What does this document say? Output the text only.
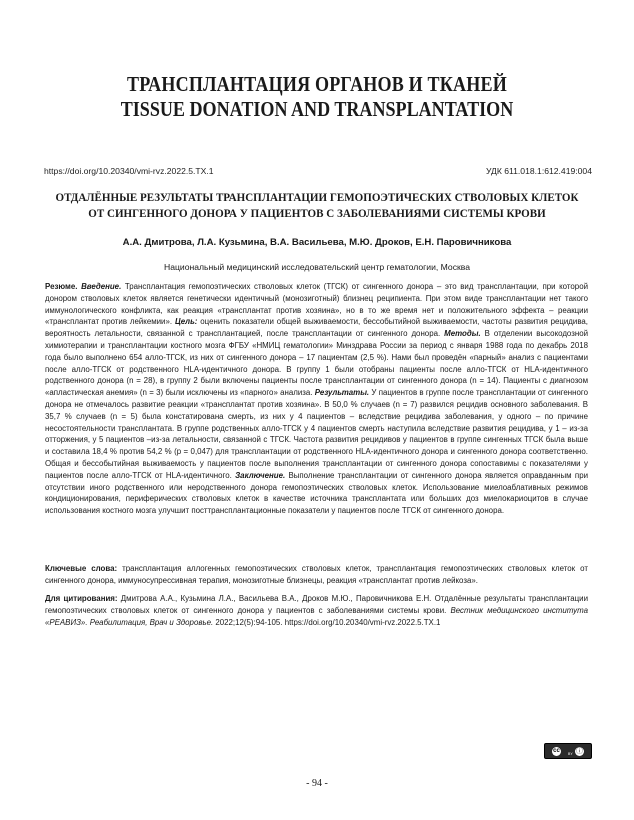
ТРАНСПЛАНТАЦИЯ ОРГАНОВ И ТКАНЕЙ
TISSUE DONATION AND TRANSPLANTATION
https://doi.org/10.20340/vmi-rvz.2022.5.TX.1	УДК 611.018.1:612.419:004
ОТДАЛЁННЫЕ РЕЗУЛЬТАТЫ ТРАНСПЛАНТАЦИИ ГЕМОПОЭТИЧЕСКИХ СТВОЛОВЫХ КЛЕТОК
ОТ СИНГЕННОГО ДОНОРА У ПАЦИЕНТОВ С ЗАБОЛЕВАНИЯМИ СИСТЕМЫ КРОВИ
А.А. Дмитрова, Л.А. Кузьмина, В.А. Васильева, М.Ю. Дроков, Е.Н. Паровичникова
Национальный медицинский исследовательский центр гематологии, Москва

Резюме. Введение. Трансплантация гемопоэтических стволовых клеток (ТГСК) от сингенного донора – это вид трансплантации, при которой донором стволовых клеток является генетически идентичный (монозиготный) близнец реципиента. При этом виде трансплантации нет такого иммунологического конфликта, как реакция «трансплантат против хозяина», но в то же время нет и положительного эффекта – реакции «трансплантат против лейкемии». Цель: оценить показатели общей выживаемости, бессобытийной выживаемости, частоты развития рецидива, вероятность летальности, связанной с трансплантацией, после трансплантации от сингенного донора. Методы. В отделении высокодозной химиотерапии и трансплантации костного мозга ФГБУ «НМИЦ гематологии» Минздрава России за период с января 1988 года по декабрь 2018 года было выполнено 654 алло-ТГСК, из них от сингенного донора – 17 пациентам (2,5 %). Нами был проведён «парный» анализ с пациентами после алло-ТГСК от родственного HLA-идентичного донора. В группу 1 были отобраны пациенты после алло-ТГСК от HLA-идентичного родственного донора (n = 28), в группу 2 были включены пациенты после трансплантации от сингенного донора (n = 14). Пациенты с диагнозом «апластическая анемия» (n = 3) были исключены из «парного» анализа. Результаты. У пациентов в группе после трансплантации от сингенного донора не отмечалось развитие реакции «трансплантат против хозяина». В 50,0 % случаев (n = 7) развился рецидив основного заболевания. В 35,7 % случаев (n = 5) была констатирована смерть, из них у 4 пациентов – вследствие рецидива заболевания, у одного – по причине несостоятельности трансплантата. В группе родственных алло-ТГСК у 4 пациентов смерть наступила вследствие развития рецидива, у 1 – из-за отторжения, у 5 пациентов –из-за летальности, связанной с ТГСК. Частота развития рецидивов у пациентов в группе сингенных ТГСК была выше и составила 18,4 % против 54,2 % (p = 0,047) для трансплантации от родственного HLA-идентичного донора и сингенного донора соответственно. Общая и бессобытийная выживаемость у пациентов после выполнения трансплантации от сингенного донора сопоставимы с показателями у пациентов после алло-ТГСК от HLA-идентичного. Заключение. Выполнение трансплантации от сингенного донора является оправданным при отсутствии иного родственного или неродственного донора гемопоэтических стволовых клеток. Использование миелоаблативных режимов кондиционирования, периферических стволовых клеток в качестве источника трансплантата или больших доз миелокариоцитов в случае использования костного мозга улучшит посттрансплантационные показатели у пациентов после ТГСК от сингенного донора.

Ключевые слова: трансплантация аллогенных гемопоэтических стволовых клеток, трансплантация гемопоэтических стволовых клеток от сингенного донора, иммуносупрессивная терапия, монозиготные близнецы, реакция «трансплантат против лейкоза».

Для цитирования: Дмитрова А.А., Кузьмина Л.А., Васильева В.А., Дроков М.Ю., Паровичникова Е.Н. Отдалённые результаты трансплантации гемопоэтических стволовых клеток от сингенного донора у пациентов с заболеваниями системы крови. Вестник медицинского института «РЕАВИЗ». Реабилитация, Врач и Здоровье. 2022;12(5):94-105. https://doi.org/10.20340/vmi-rvz.2022.5.TX.1

cc ⓘ
BY
- 94 -
